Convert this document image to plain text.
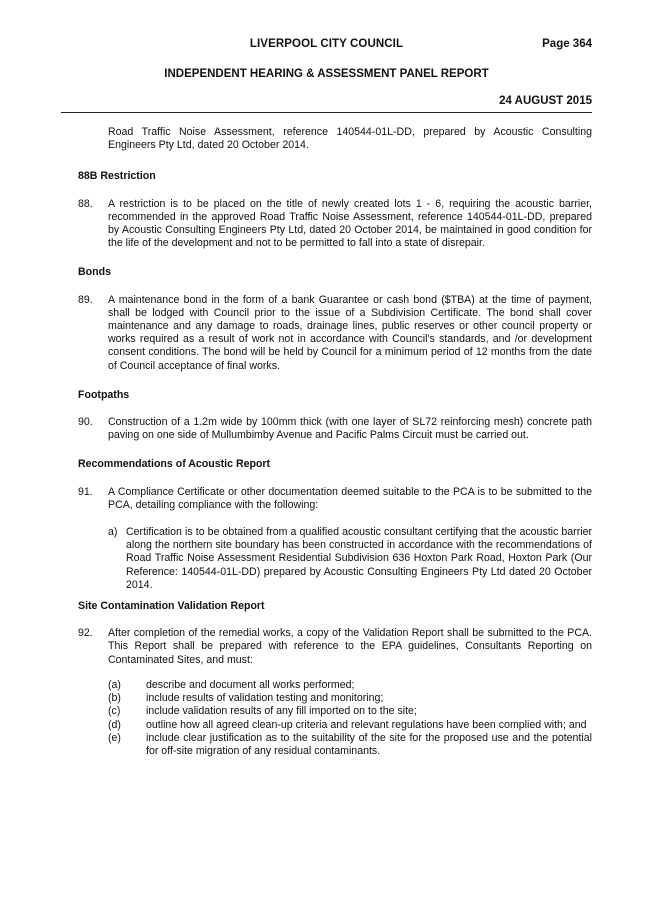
LIVERPOOL CITY COUNCIL	Page 364
INDEPENDENT HEARING & ASSESSMENT PANEL REPORT
24 AUGUST 2015

Road Traffic Noise Assessment, reference 140544-01L-DD, prepared by Acoustic Consulting Engineers Pty Ltd, dated 20 October 2014.

88B Restriction

88.	A restriction is to be placed on the title of newly created lots 1 - 6, requiring the acoustic barrier, recommended in the approved Road Traffic Noise Assessment, reference 140544-01L-DD, prepared by Acoustic Consulting Engineers Pty Ltd, dated 20 October 2014, be maintained in good condition for the life of the development and not to be permitted to fall into a state of disrepair.

Bonds

89.	A maintenance bond in the form of a bank Guarantee or cash bond ($TBA) at the time of payment, shall be lodged with Council prior to the issue of a Subdivision Certificate. The bond shall cover maintenance and any damage to roads, drainage lines, public reserves or other council property or works required as a result of work not in accordance with Council's standards, and /or development consent conditions. The bond will be held by Council for a minimum period of 12 months from the date of Council acceptance of final works.

Footpaths

90.	Construction of a 1.2m wide by 100mm thick (with one layer of SL72 reinforcing mesh) concrete path paving on one side of Mullumbimby Avenue and Pacific Palms Circuit must be carried out.

Recommendations of Acoustic Report

91.	A Compliance Certificate or other documentation deemed suitable to the PCA is to be submitted to the PCA, detailing compliance with the following:
a) Certification is to be obtained from a qualified acoustic consultant certifying that the acoustic barrier along the northern site boundary has been constructed in accordance with the recommendations of Road Traffic Noise Assessment Residential Subdivision 636 Hoxton Park Road, Hoxton Park (Our Reference: 140544-01L-DD) prepared by Acoustic Consulting Engineers Pty Ltd dated 20 October 2014.

Site Contamination Validation Report

92.	After completion of the remedial works, a copy of the Validation Report shall be submitted to the PCA. This Report shall be prepared with reference to the EPA guidelines, Consultants Reporting on Contaminated Sites, and must:
(a)	describe and document all works performed;
(b)	include results of validation testing and monitoring;
(c)	include validation results of any fill imported on to the site;
(d)	outline how all agreed clean-up criteria and relevant regulations have been complied with; and
(e)	include clear justification as to the suitability of the site for the proposed use and the potential for off-site migration of any residual contaminants.
